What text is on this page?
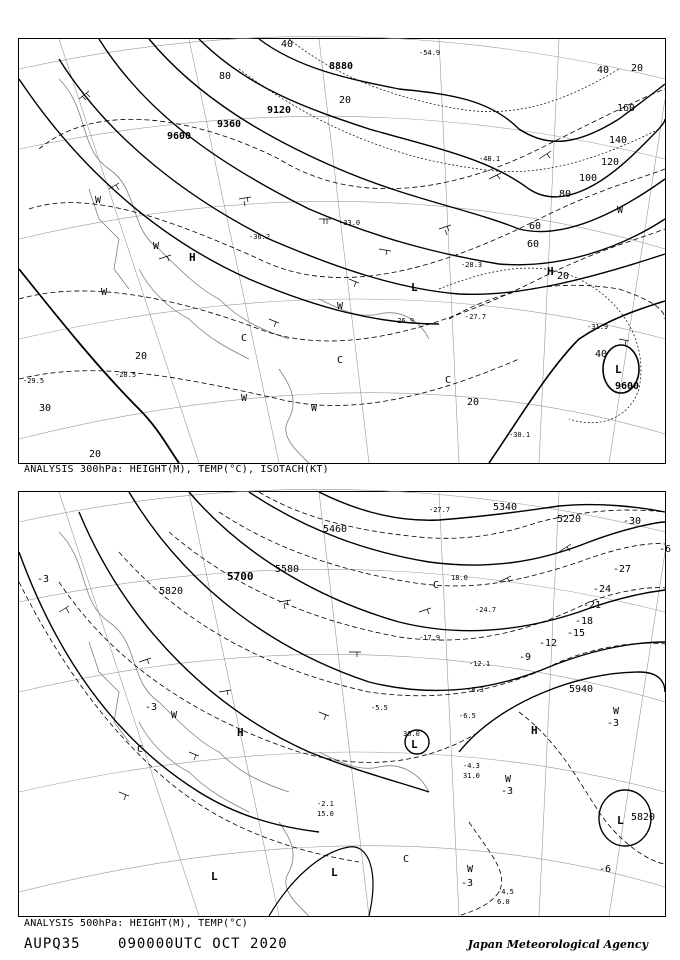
8880
9120
9360
9600
9600
20
40
60
80
100
120
140
160
20
40
60
80
20
20
20
40
30
20
H
H
L
L
W
W
W
W
W
W
C
C
C
W
-54.9
-48.1
-36.2
-33.0
-28.3
-26.9	-27.7
-29.5
-31.9
-30.1
-28.5
ANALYSIS 300hPa: HEIGHT(M), TEMP(°C), ISOTACH(KT)
5220
5340
5460
5580
5700
5820
5940
5820
-30
-27
-24
-21
-18
-15
-12
-9
-6
-3
-3
-3
-3
-3
-6
H	H
L
L
L	L
C
C
C
W	W
W
W
-27.7
18.0
-24.7
-17.9
-12.1
-8.3
-6.5
-4.3
31.0
-4.5
6.0
-5.5
36.0
-2.1
15.0
ANALYSIS 500hPa: HEIGHT(M), TEMP(°C)
AUPQ35	090000UTC OCT 2020	Japan Meteorological Agency
